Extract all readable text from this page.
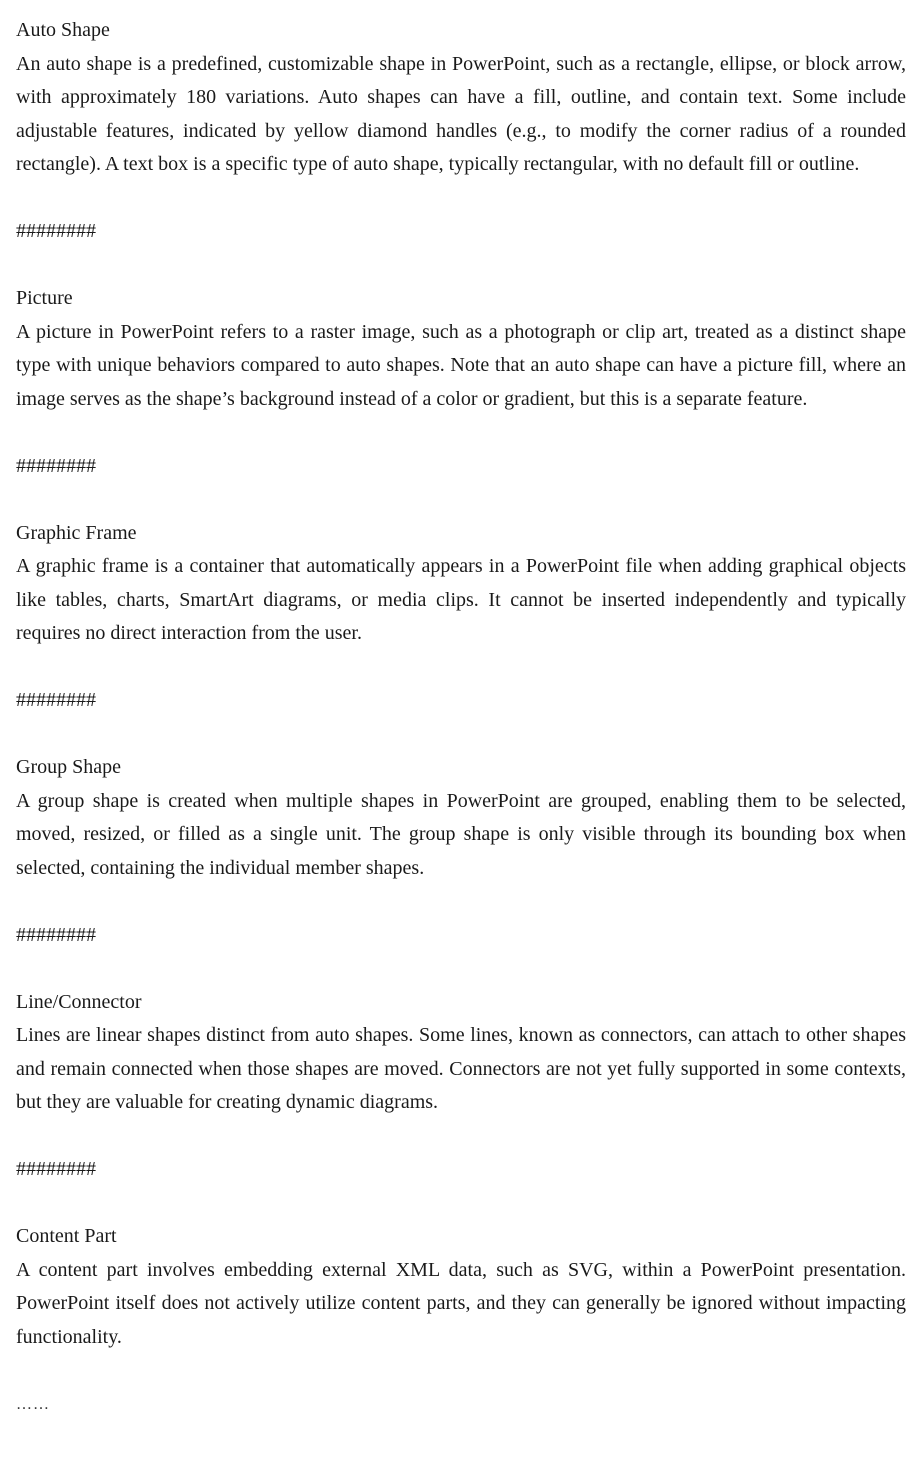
Auto Shape

An auto shape is a predefined, customizable shape in PowerPoint, such as a rectangle, ellipse, or block arrow, with approximately 180 variations. Auto shapes can have a fill, outline, and contain text. Some include adjustable features, indicated by yellow diamond handles (e.g., to modify the corner radius of a rounded rectangle). A text box is a specific type of auto shape, typically rectangular, with no default fill or outline.

########

Picture

A picture in PowerPoint refers to a raster image, such as a photograph or clip art, treated as a distinct shape type with unique behaviors compared to auto shapes. Note that an auto shape can have a picture fill, where an image serves as the shape’s background instead of a color or gradient, but this is a separate feature.

########

Graphic Frame

A graphic frame is a container that automatically appears in a PowerPoint file when adding graphical objects like tables, charts, SmartArt diagrams, or media clips. It cannot be inserted independently and typically requires no direct interaction from the user.

########

Group Shape

A group shape is created when multiple shapes in PowerPoint are grouped, enabling them to be selected, moved, resized, or filled as a single unit. The group shape is only visible through its bounding box when selected, containing the individual member shapes.

########

Line/Connector

Lines are linear shapes distinct from auto shapes. Some lines, known as connectors, can attach to other shapes and remain connected when those shapes are moved. Connectors are not yet fully supported in some contexts, but they are valuable for creating dynamic diagrams.

########

Content Part

A content part involves embedding external XML data, such as SVG, within a PowerPoint presentation. PowerPoint itself does not actively utilize content parts, and they can generally be ignored without impacting functionality.

……
